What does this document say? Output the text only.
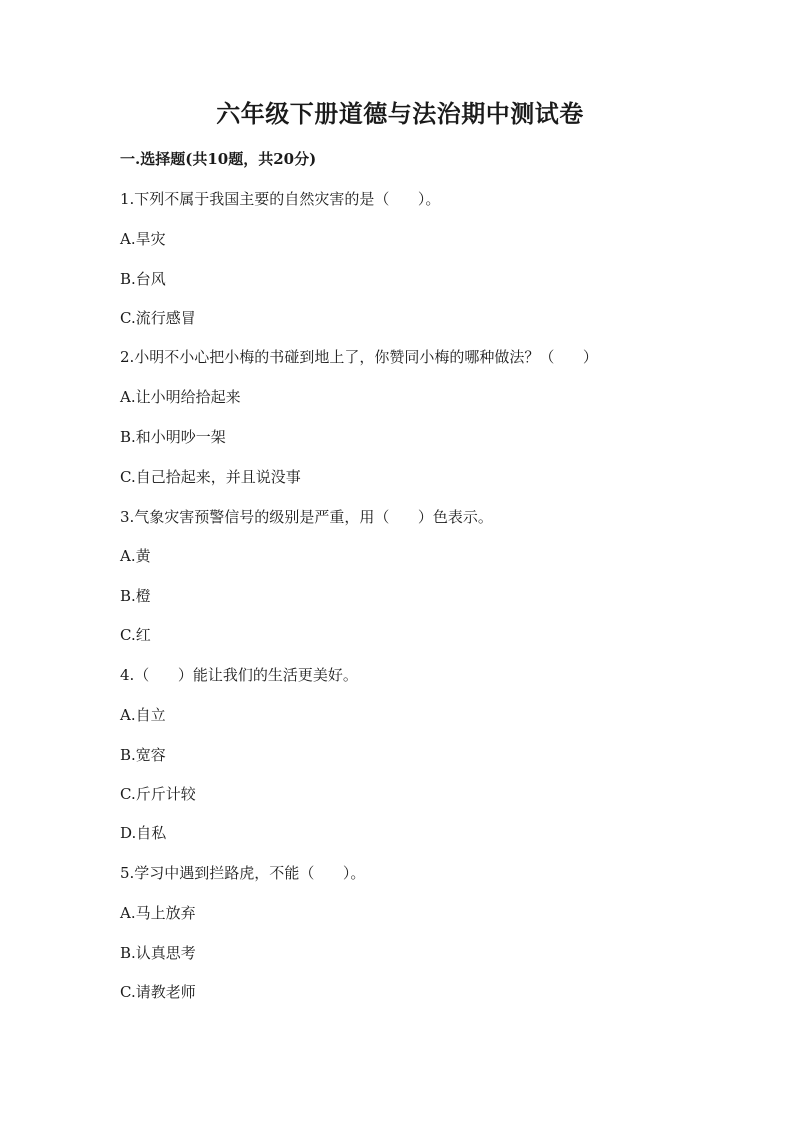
六年级下册道德与法治期中测试卷
一.选择题(共10题，共20分)
1.下列不属于我国主要的自然灾害的是（      ）。
A.旱灾
B.台风
C.流行感冒
2.小明不小心把小梅的书碰到地上了，你赞同小梅的哪种做法？（      ）
A.让小明给拾起来
B.和小明吵一架
C.自己拾起来，并且说没事
3.气象灾害预警信号的级别是严重，用（      ）色表示。
A.黄
B.橙
C.红
4.（      ）能让我们的生活更美好。
A.自立
B.宽容
C.斤斤计较
D.自私
5.学习中遇到拦路虎，不能（      ）。
A.马上放弃
B.认真思考
C.请教老师
